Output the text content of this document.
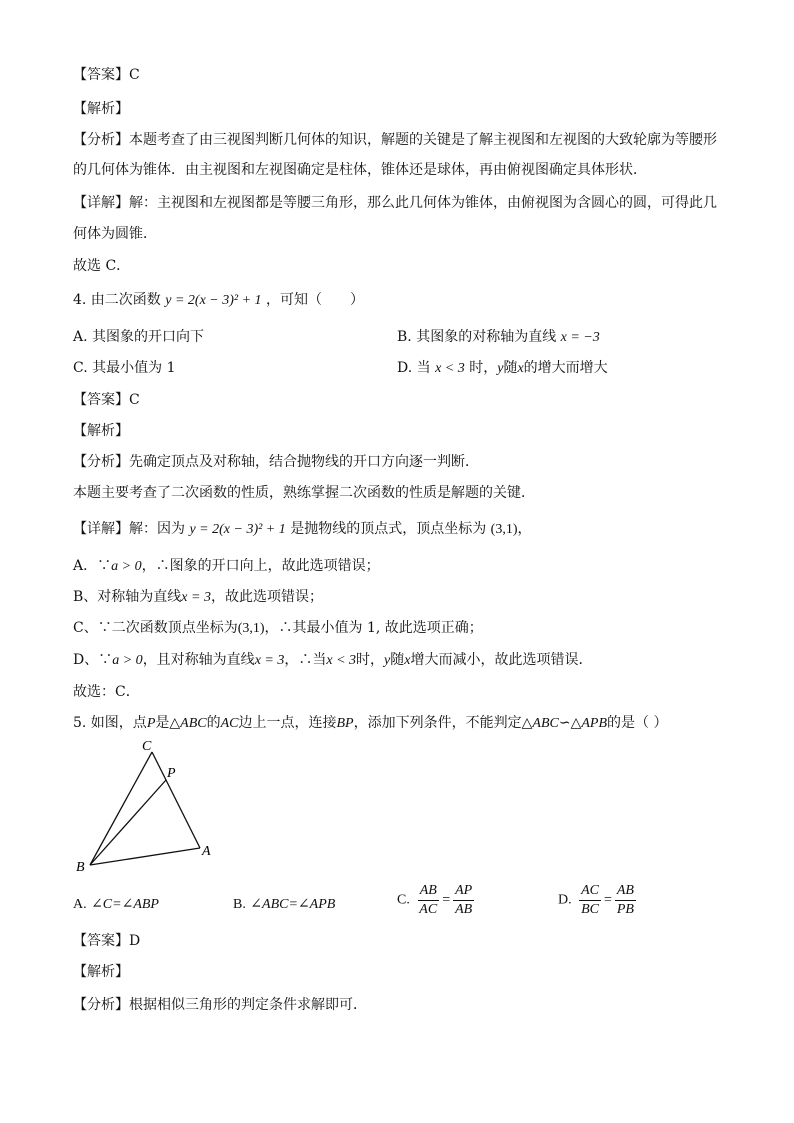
【答案】C
【解析】
【分析】本题考查了由三视图判断几何体的知识，解题的关键是了解主视图和左视图的大致轮廓为等腰形
的几何体为锥体．由主视图和左视图确定是柱体，锥体还是球体，再由俯视图确定具体形状．
【详解】解：主视图和左视图都是等腰三角形，那么此几何体为锥体，由俯视图为含圆心的圆，可得此几
何体为圆锥．
故选 C．
4. 由二次函数 y = 2(x − 3)² + 1 ，可知（　　）
A. 其图象的开口向下	B. 其图象的对称轴为直线 x = −3
C. 其最小值为 1	D. 当 x < 3 时，y随x的增大而增大
【答案】C
【解析】
【分析】先确定顶点及对称轴，结合抛物线的开口方向逐一判断．
本题主要考查了二次函数的性质，熟练掌握二次函数的性质是解题的关键．
【详解】解：因为 y = 2(x − 3)² + 1 是抛物线的顶点式，顶点坐标为 (3,1)，
A．∵a > 0，∴图象的开口向上，故此选项错误；
B、对称轴为直线x = 3，故此选项错误；
C、∵二次函数顶点坐标为(3,1)，∴其最小值为 1, 故此选项正确；
D、∵a > 0，且对称轴为直线x = 3，∴当x < 3时，y随x增大而减小，故此选项错误．
故选：C．
5. 如图，点P是△ABC的AC边上一点，连接BP，添加下列条件，不能判定△ABC∽△APB的是（ ）
C
P
B
A
A. ∠C=∠ABP	B. ∠ABC=∠APB	C. $\frac{AB}{AC} = \frac{AP}{AB}$	D. $\frac{AC}{BC} = \frac{AB}{PB}$
【答案】D
【解析】
【分析】根据相似三角形的判定条件求解即可．
